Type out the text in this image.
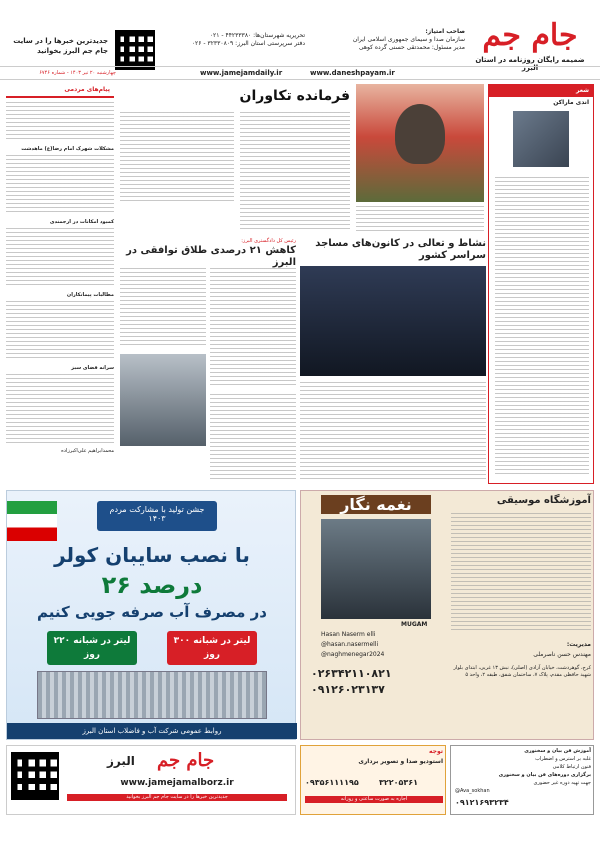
جام جم
ضمیمه رایگان روزنامه در استان البرز
صاحب امتیاز:
سازمان صدا و سیمای جمهوری اسلامی ایران
مدیر مسئول: محمدتقی حسنی گرده کوهی
تحریریه شهرستان‌ها: ۴۴۲۳۳۳۸۰ - ۰۲۱
دفتر سرپرستی استان البرز: ۳۲۳۳۰۸۰۹ - ۰۲۶
جدیدترین خبرها را در سایت جام جم البرز بخوانید
چهارشنبه ۲۰ تیر ۱۴۰۳ - شماره ۶۷۴۶	www.jamejamdaily.ir	www.daneshpayam.ir
شعر
اندی ماراکن
فرمانده تکاوران
پیام‌های مردمی
مشکلات شهرک امام رضا(ع) ماهدشت
کمبود امکانات در ارجمندی
مطالبات پیمانکاران
سرانه فضای سبز
محمدابراهیم علی‌اکبرزاده
نشاط و تعالی در کانون‌های مساجد سراسر کشور
رئیس کل دادگستری البرز:
کاهش ۲۱ درصدی طلاق توافقی در البرز
جشن تولید با مشارکت مردم
۱۴۰۳
با نصب سایبان کولر
۲۶ درصد
در مصرف آب صرفه جویی کنیم
۳۰۰ لیتر در شبانه روز
۲۲۰ لیتر در شبانه روز
روابط عمومی شرکت آب و فاضلاب استان البرز
آموزشگاه موسیقی
نغمه نگار
MUGAM
Hasan Naserm elli
@hasan.nasermelli
@naghmenegar2024
۰۲۶۳۴۲۱۱۰۸۲۱
۰۹۱۲۶۰۲۳۱۳۷
مدیریت:
مهندس حسن ناصرملی
کرج، گوهردشت، خیابان آزادی (اصلی)، نبش ۱۳ غربی، ابتدای بلوار شهید حافظی مقدم، پلاک ۷، ساختمان شفق، طبقه ۲، واحد ۵
توجه
استودیو صدا و تصویر برداری
۰۹۳۵۶۱۱۱۱۹۵	۳۲۲۰۵۳۶۱
اجاره به صورت ساعتی و روزانه
آموزش فن بیان و سخنوری
غلبه بر استرس و اضطراب
فنون ارتباط کلامی
برگزاری دوره‌های فن بیان و سخنوری
جهت تهیه دوره غیر حضوری
@Ava_sokhan
۰۹۱۲۱۶۹۳۲۳۴
جام جم
البرز
www.jamejamalborz.ir
جدیدترین خبرها را در سایت جام جم البرز بخوانید
